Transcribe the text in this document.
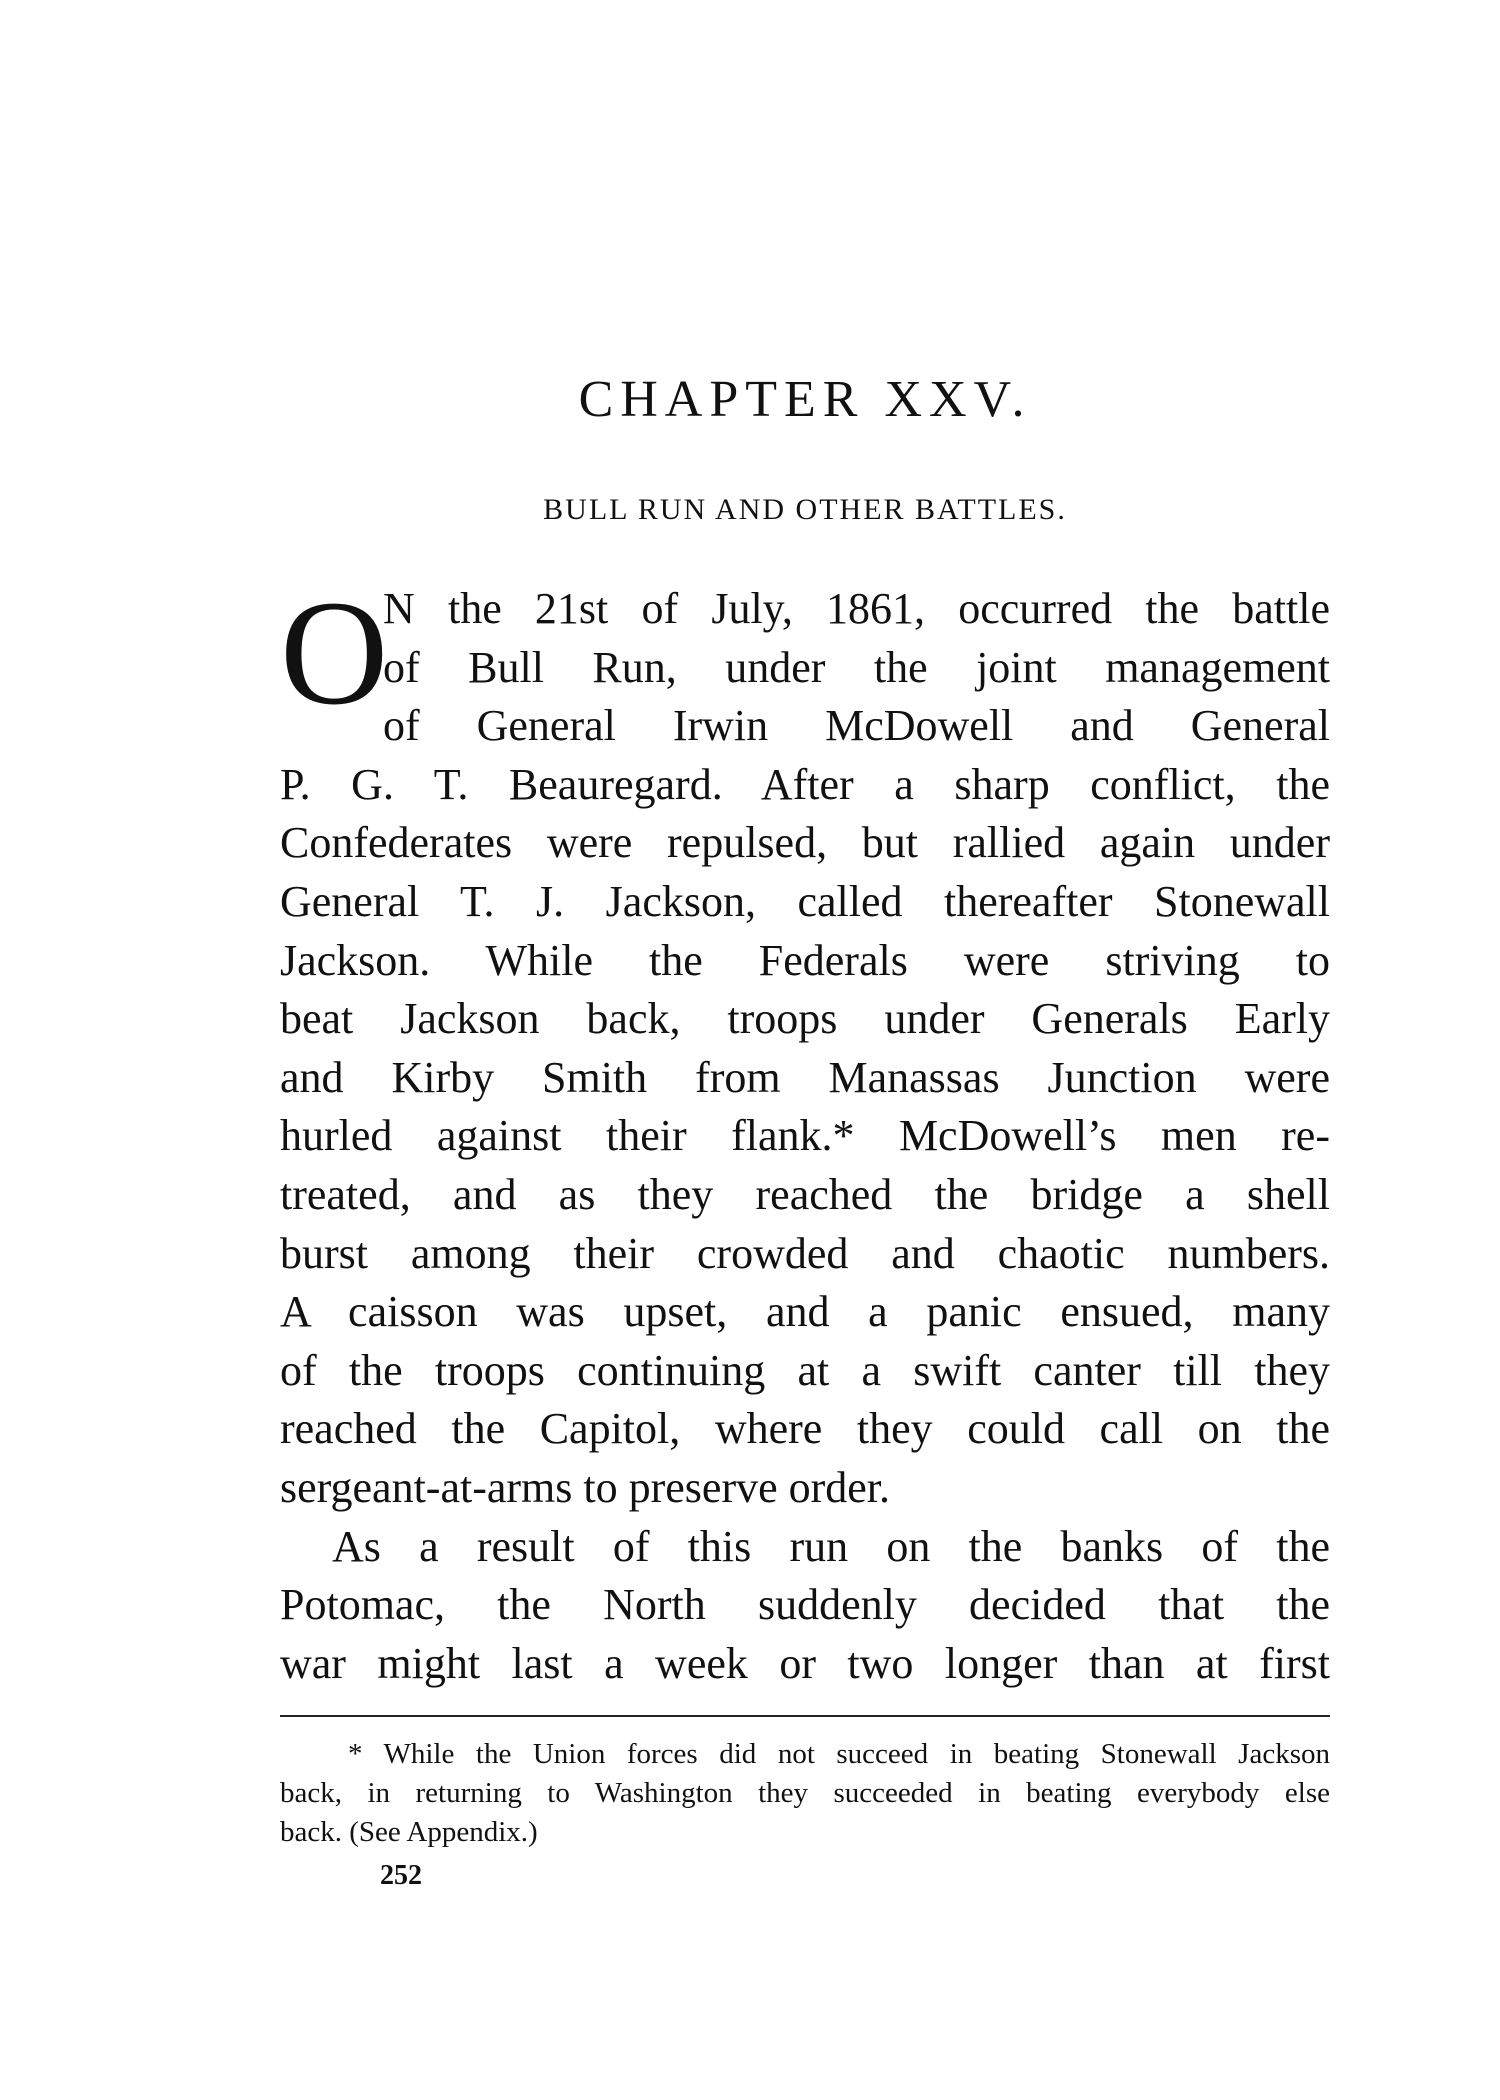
CHAPTER XXV.
BULL RUN AND OTHER BATTLES.
O
N the 21st of July, 1861, occurred the battle
of Bull Run, under the joint management
of General Irwin McDowell and General
P. G. T. Beauregard. After a sharp conflict, the
Confederates were repulsed, but rallied again under
General T. J. Jackson, called thereafter Stonewall
Jackson. While the Federals were striving to
beat Jackson back, troops under Generals Early
and Kirby Smith from Manassas Junction were
hurled against their flank.* McDowell’s men re-
treated, and as they reached the bridge a shell
burst among their crowded and chaotic numbers.
A caisson was upset, and a panic ensued, many
of the troops continuing at a swift canter till they
reached the Capitol, where they could call on the
sergeant-at-arms to preserve order.
As a result of this run on the banks of the
Potomac, the North suddenly decided that the
war might last a week or two longer than at first
* While the Union forces did not succeed in beating Stonewall Jackson
back, in returning to Washington they succeeded in beating everybody else
back. (See Appendix.)
252
